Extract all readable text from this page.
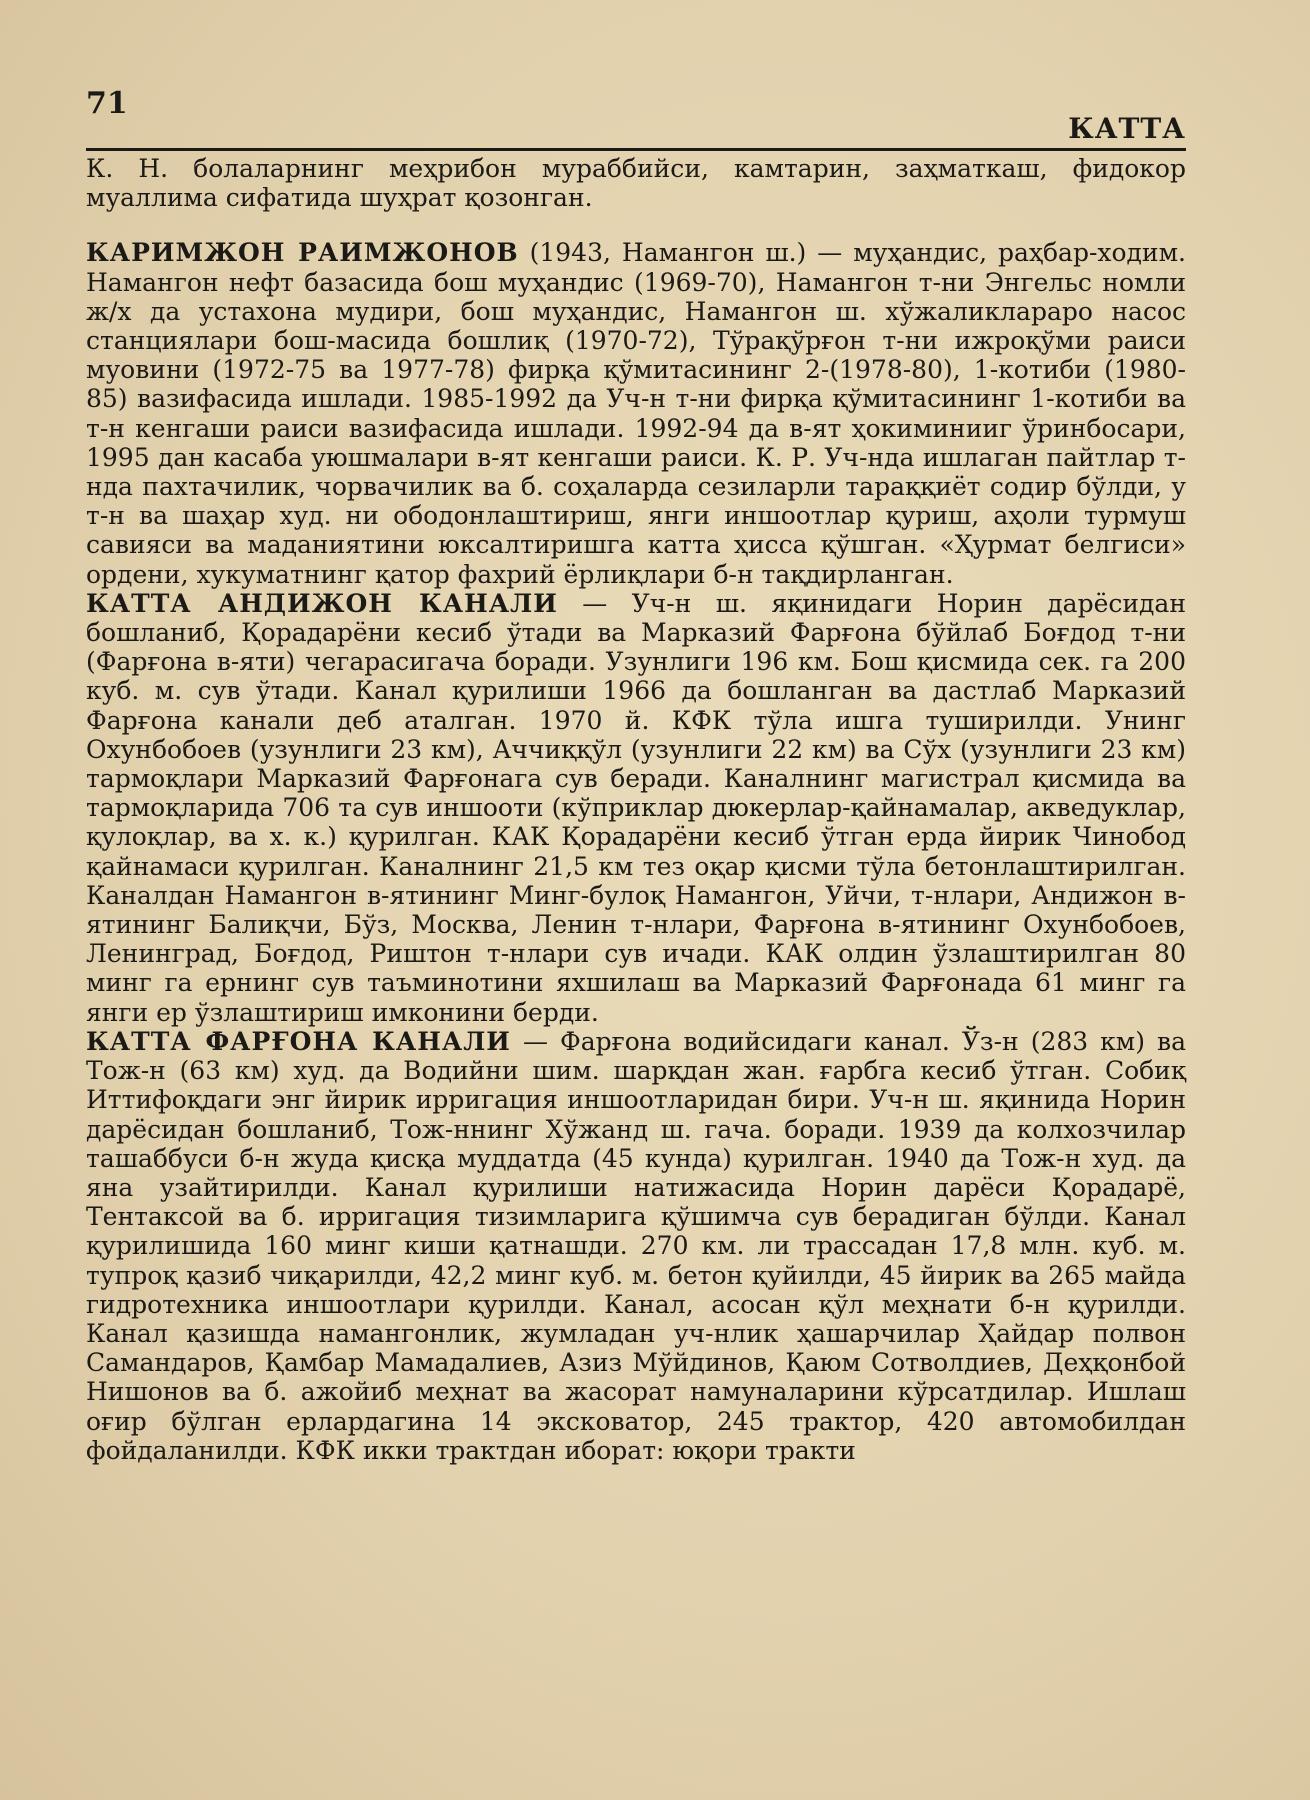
71
КАТТА

К. Н. болаларнинг меҳрибон мураббийси, камтарин, заҳматкаш, фидокор муаллима сифатида шуҳрат қозонган.

КАРИМЖОН РАИМЖОНОВ (1943, Намангон ш.) — муҳандис, раҳбар-ходим. Намангон нефт базасида бош муҳандис (1969-70), Намангон т-ни Энгельс номли ж/х да устахона мудири, бош муҳандис, Намангон ш. хўжаликлараро насос станциялари бош-масида бошлиқ (1970-72), Тўрақўрғон т-ни ижроқўми раиси муовини (1972-75 ва 1977-78) фирқа қўмитасининг 2-(1978-80), 1-котиби (1980-85) вазифасида ишлади. 1985-1992 да Уч-н т-ни фирқа қўмитасининг 1-котиби ва т-н кенгаши раиси вазифасида ишлади. 1992-94 да в-ят ҳокиминииг ўринбосари, 1995 дан касаба уюшмалари в-ят кенгаши раиси. К. Р. Уч-нда ишлаган пайтлар т-нда пахтачилик, чорвачилик ва б. соҳаларда сезиларли тараққиёт содир бўлди, у т-н ва шаҳар худ. ни ободонлаштириш, янги иншоотлар қуриш, аҳоли турмуш савияси ва маданиятини юксалтиришга катта ҳисса қўшган. «Ҳурмат белгиси» ордени, хукуматнинг қатор фахрий ёрлиқлари б-н тақдирланган.

КАТТА АНДИЖОН КАНАЛИ — Уч-н ш. яқинидаги Норин дарёсидан бошланиб, Қорадарёни кесиб ўтади ва Марказий Фарғона бўйлаб Боғдод т-ни (Фарғона в-яти) чегарасигача боради. Узунлиги 196 км. Бош қисмида сек. га 200 куб. м. сув ўтади. Канал қурилиши 1966 да бошланган ва дастлаб Марказий Фарғона канали деб аталган. 1970 й. КФК тўла ишга туширилди. Унинг Охунбобоев (узунлиги 23 км), Аччиққўл (узунлиги 22 км) ва Сўх (узунлиги 23 км) тармоқлари Марказий Фарғонага сув беради. Каналнинг магистрал қисмида ва тармоқларида 706 та сув иншооти (кўприклар дюкерлар-қайнамалар, акведуклар, қулоқлар, ва х. к.) қурилган. КАК Қорадарёни кесиб ўтган ерда йирик Чинобод қайнамаси қурилган. Каналнинг 21,5 км тез оқар қисми тўла бетонлаштирилган. Каналдан Намангон в-ятининг Минг-булоқ Намангон, Уйчи, т-нлари, Андижон в-ятининг Балиқчи, Бўз, Москва, Ленин т-нлари, Фарғона в-ятининг Охунбобоев, Ленинград, Боғдод, Риштон т-нлари сув ичади. КАК олдин ўзлаштирилган 80 минг га ернинг сув таъминотини яхшилаш ва Марказий Фарғонада 61 минг га янги ер ўзлаштириш имконини берди.

КАТТА ФАРҒОНА КАНАЛИ — Фарғона водийсидаги канал. Ўз-н (283 км) ва Тож-н (63 км) худ. да Водийни шим. шарқдан жан. ғарбга кесиб ўтган. Собиқ Иттифоқдаги энг йирик ирригация иншоотларидан бири. Уч-н ш. яқинида Норин дарёсидан бошланиб, Тож-ннинг Хўжанд ш. гача. боради. 1939 да колхозчилар ташаббуси б-н жуда қисқа муддатда (45 кунда) қурилган. 1940 да Тож-н худ. да яна узайтирилди. Канал қурилиши натижасида Норин дарёси Қорадарё, Тентаксой ва б. ирригация тизимларига қўшимча сув берадиган бўлди. Канал қурилишида 160 минг киши қатнашди. 270 км. ли трассадан 17,8 млн. куб. м. тупроқ қазиб чиқарилди, 42,2 минг куб. м. бетон қуйилди, 45 йирик ва 265 майда гидротехника иншоотлари қурилди. Канал, асосан қўл меҳнати б-н қурилди. Канал қазишда намангонлик, жумладан уч-нлик ҳашарчилар Ҳайдар полвон Самандаров, Қамбар Мамадалиев, Азиз Мўйдинов, Қаюм Сотволдиев, Деҳқонбой Нишонов ва б. ажойиб меҳнат ва жасорат намуналарини кўрсатдилар. Ишлаш оғир бўлган ерлардагина 14 эксковатор, 245 трактор, 420 автомобилдан фойдаланилди. КФК икки трактдан иборат: юқори тракти
